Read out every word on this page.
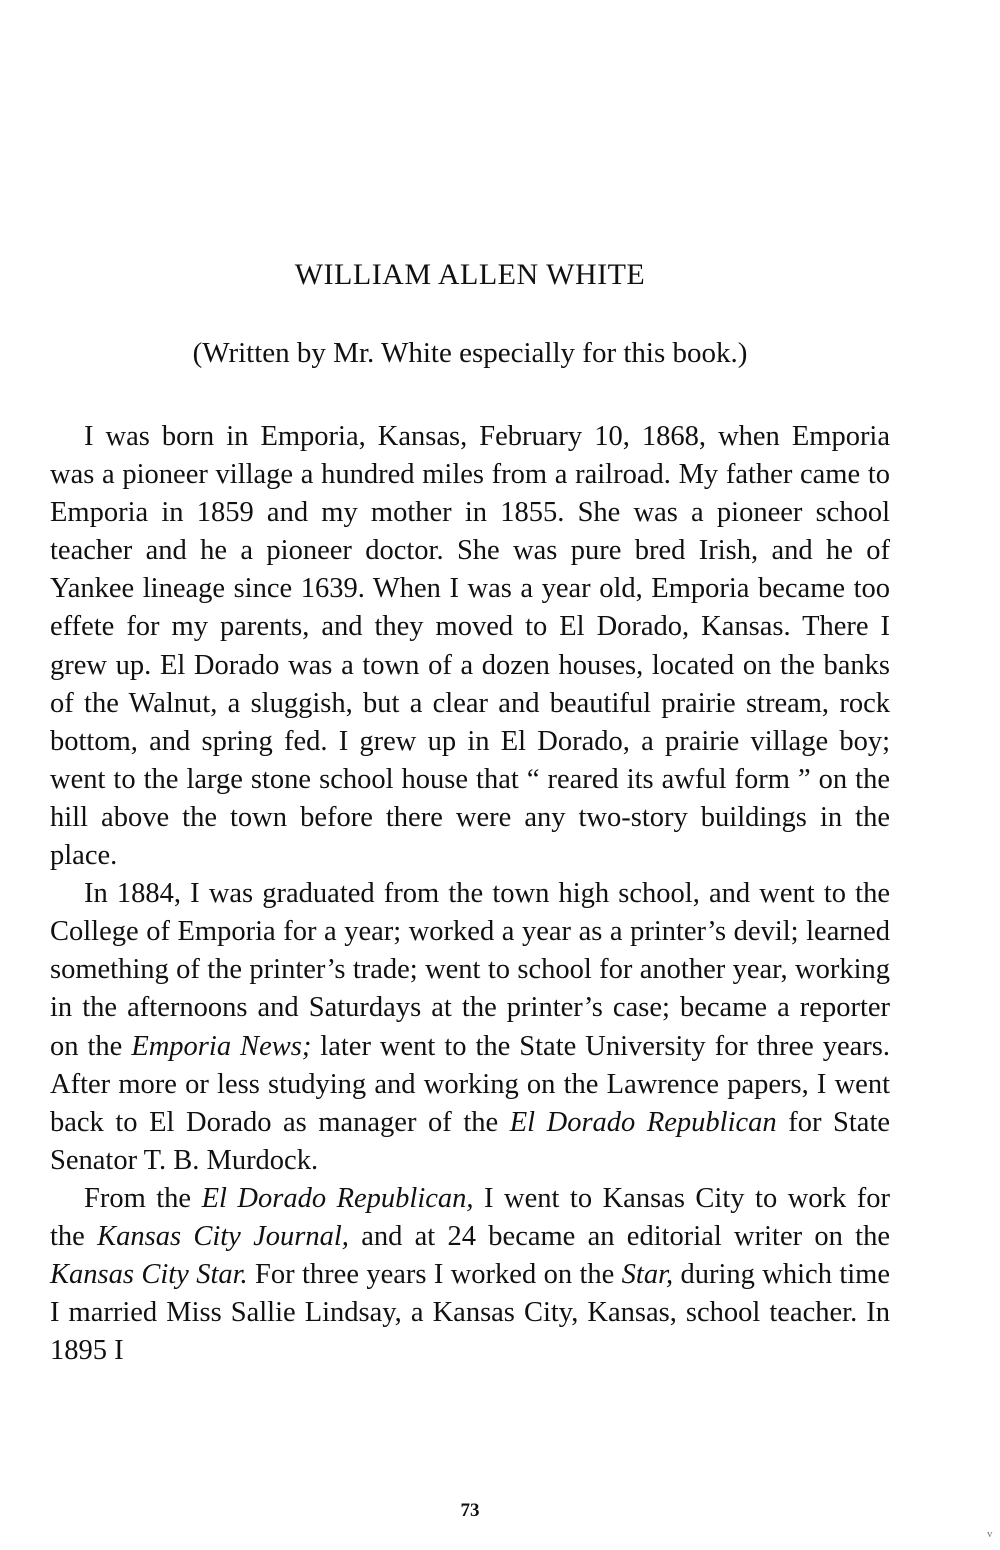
WILLIAM ALLEN WHITE

(Written by Mr. White especially for this book.)

I was born in Emporia, Kansas, February 10, 1868, when Emporia was a pioneer village a hundred miles from a railroad. My father came to Emporia in 1859 and my mother in 1855. She was a pioneer school teacher and he a pioneer doctor. She was pure bred Irish, and he of Yankee lineage since 1639. When I was a year old, Emporia became too effete for my parents, and they moved to El Dorado, Kansas. There I grew up. El Dorado was a town of a dozen houses, located on the banks of the Walnut, a sluggish, but a clear and beautiful prairie stream, rock bottom, and spring fed. I grew up in El Dorado, a prairie village boy; went to the large stone school house that “ reared its awful form ” on the hill above the town before there were any two-story buildings in the place.

In 1884, I was graduated from the town high school, and went to the College of Emporia for a year; worked a year as a printer’s devil; learned something of the printer’s trade; went to school for another year, working in the afternoons and Saturdays at the printer’s case; became a reporter on the Emporia News; later went to the State University for three years. After more or less studying and working on the Lawrence papers, I went back to El Dorado as manager of the El Dorado Republican for State Senator T. B. Murdock.

From the El Dorado Republican, I went to Kansas City to work for the Kansas City Journal, and at 24 became an editorial writer on the Kansas City Star. For three years I worked on the Star, during which time I married Miss Sallie Lindsay, a Kansas City, Kansas, school teacher. In 1895 I

73

v
